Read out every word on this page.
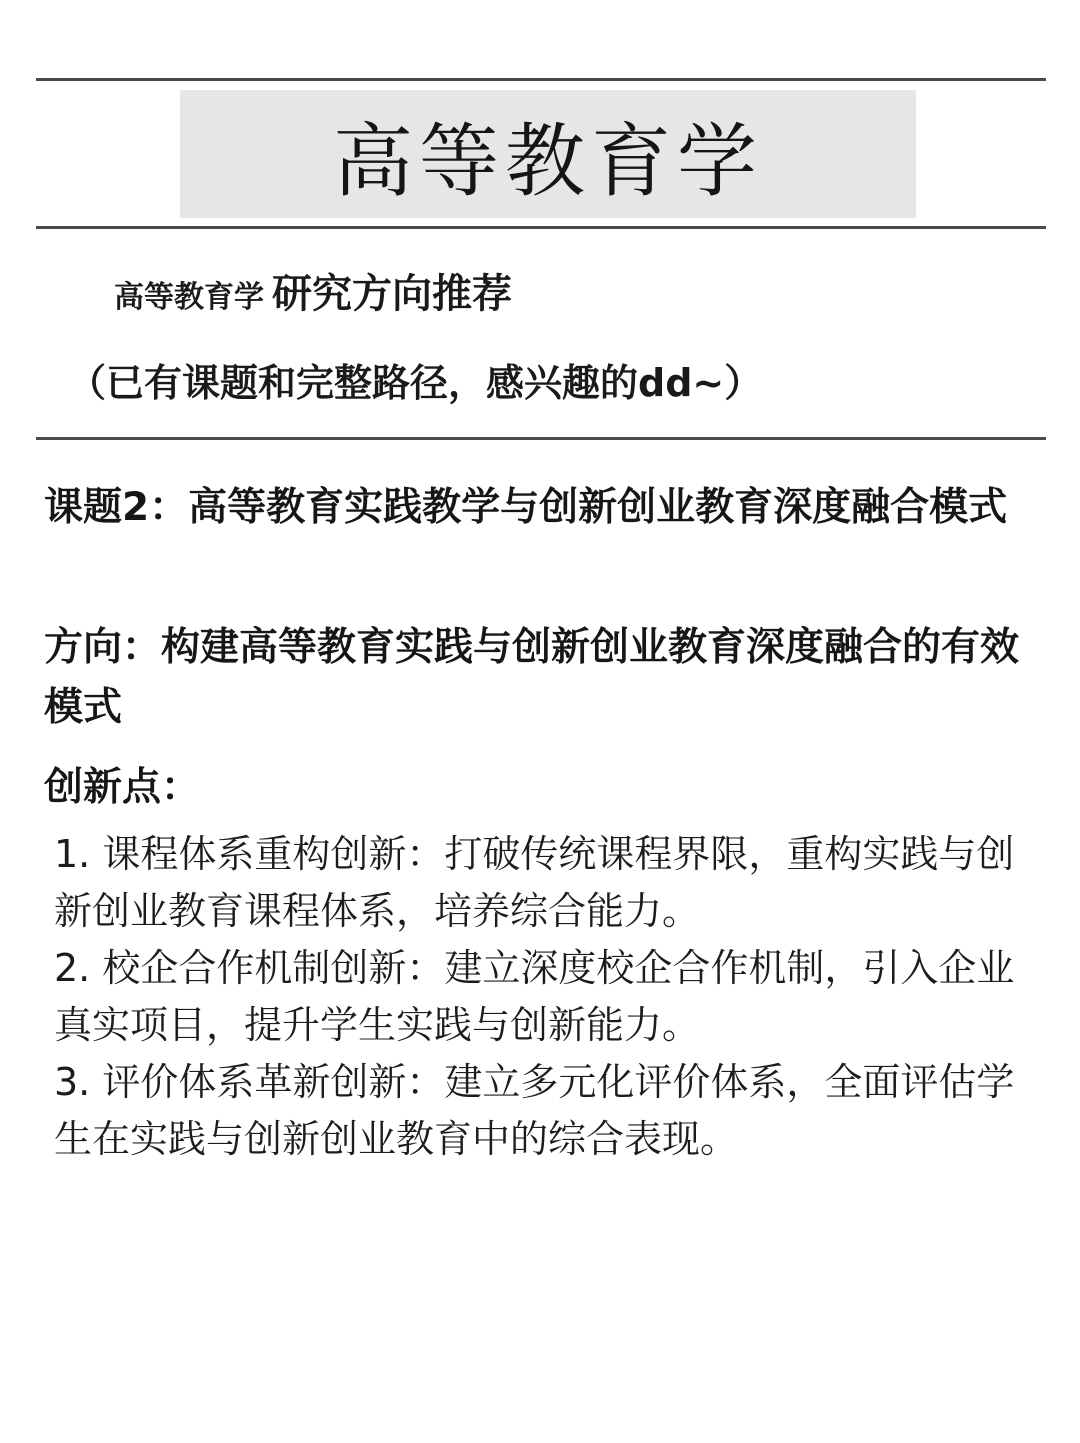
高等教育学
高等教育学 研究方向推荐
（已有课题和完整路径，感兴趣的dd~）
课题2：高等教育实践教学与创新创业教育深度融合模式
方向：构建高等教育实践与创新创业教育深度融合的有效模式
创新点：
1. 课程体系重构创新：打破传统课程界限，重构实践与创新创业教育课程体系，培养综合能力。
2. 校企合作机制创新：建立深度校企合作机制，引入企业真实项目，提升学生实践与创新能力。
3. 评价体系革新创新：建立多元化评价体系，全面评估学生在实践与创新创业教育中的综合表现。
